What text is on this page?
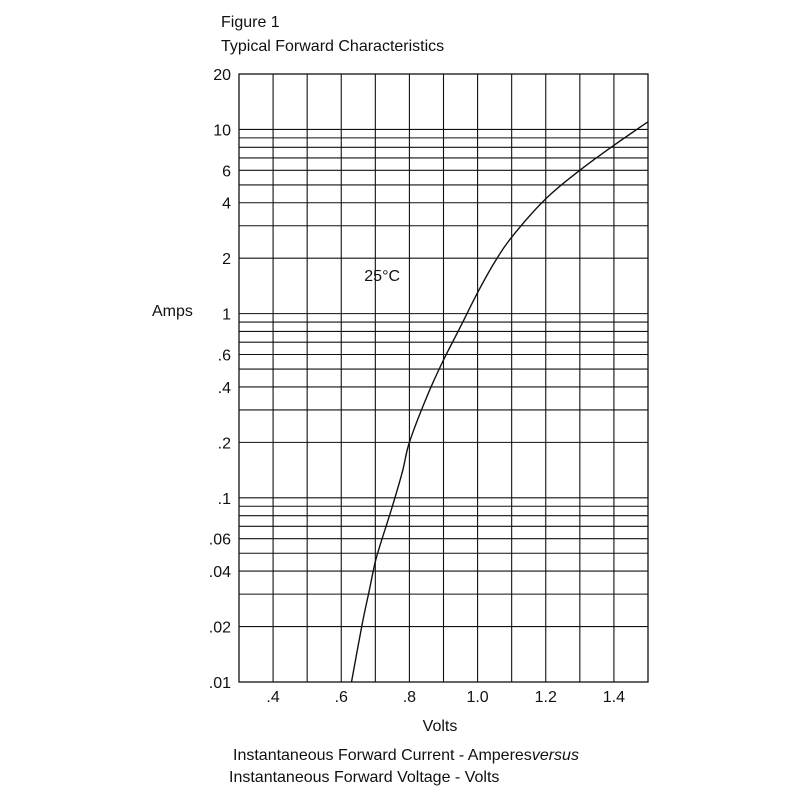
Figure 1
Typical Forward Characteristics
.01
.02
.04
.06
.1
.2
.4
.6
1
2
4
6
10
20
.4	.6	.8	1.0	1.2	1.4
25°C
Amps
Volts
Instantaneous Forward Current - Amperesversus
Instantaneous Forward Voltage - Volts
